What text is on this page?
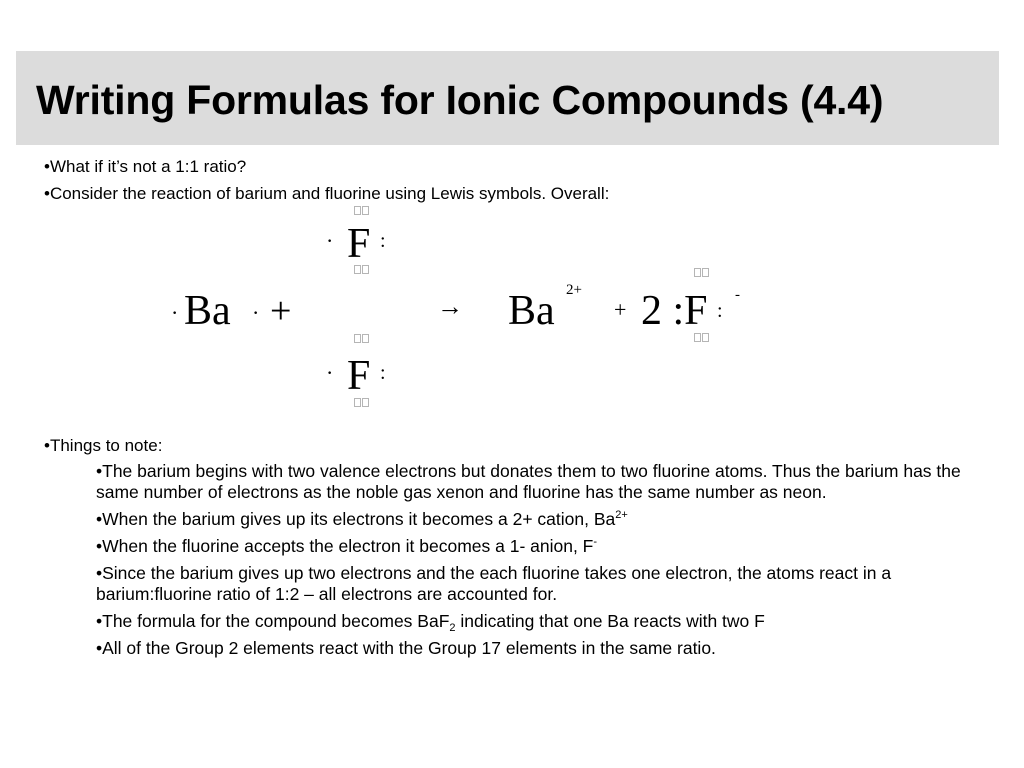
Writing Formulas for Ionic Compounds (4.4)
•What if it’s not a 1:1 ratio?
•Consider the reaction of barium and fluorine using Lewis symbols. Overall:
· F :
· Ba · +	→ Ba 2+
+ 2 :F :
-
· F :
•Things to note:

•The barium begins with two valence electrons but donates them to two fluorine atoms. Thus the barium has the same number of electrons as the noble gas xenon and fluorine has the same number as neon.

•When the barium gives up its electrons it becomes a 2+ cation, $Ba^{2+}$

•When the fluorine accepts the electron it becomes a 1- anion, F-

•Since the barium gives up two electrons and the each fluorine takes one electron, the atoms react in a barium:fluorine ratio of 1:2 – all electrons are accounted for.

•The formula for the compound becomes BaF$_2$ indicating that one Ba reacts with two F

•All of the Group 2 elements react with the Group 17 elements in the same ratio.
